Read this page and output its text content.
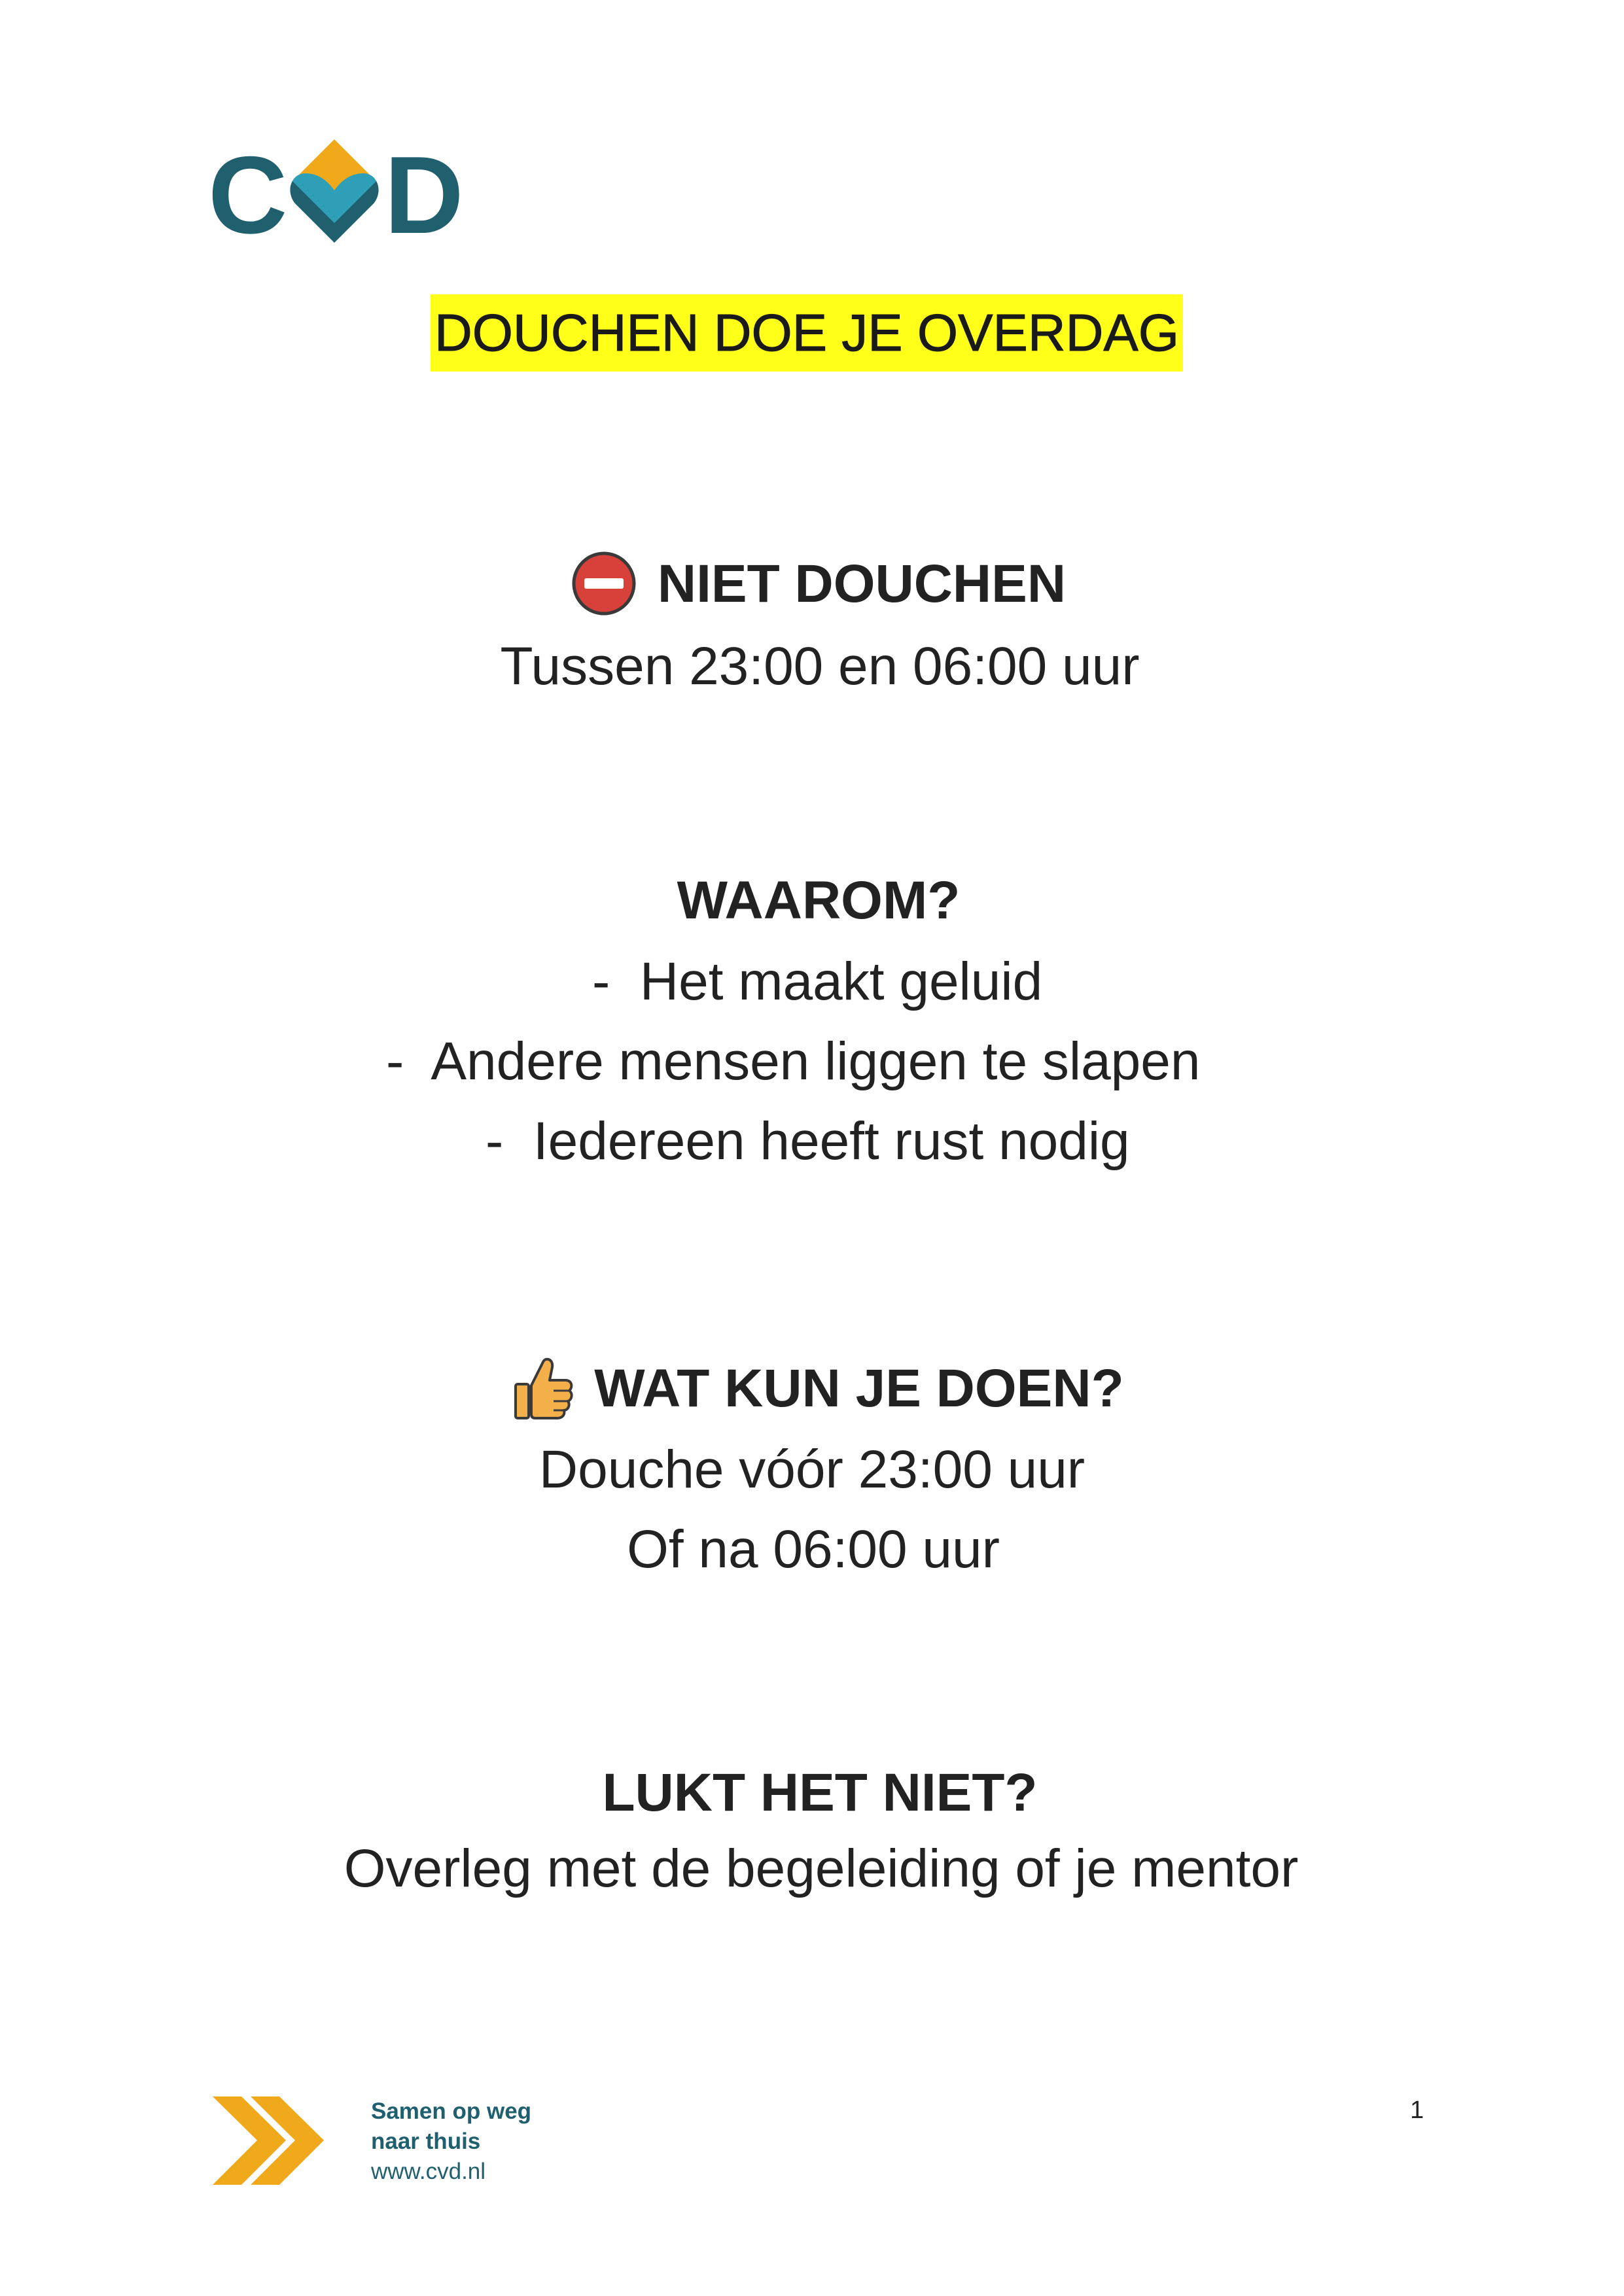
C D
DOUCHEN DOE JE OVERDAG
NIET DOUCHEN
Tussen 23:00 en 06:00 uur
WAAROM?
-  Het maakt geluid
-  Andere mensen liggen te slapen
-  Iedereen heeft rust nodig
WAT KUN JE DOEN?
Douche vóór 23:00 uur
Of na 06:00 uur
LUKT HET NIET?
Overleg met de begeleiding of je mentor
Samen op weg
naar thuis
www.cvd.nl
1
